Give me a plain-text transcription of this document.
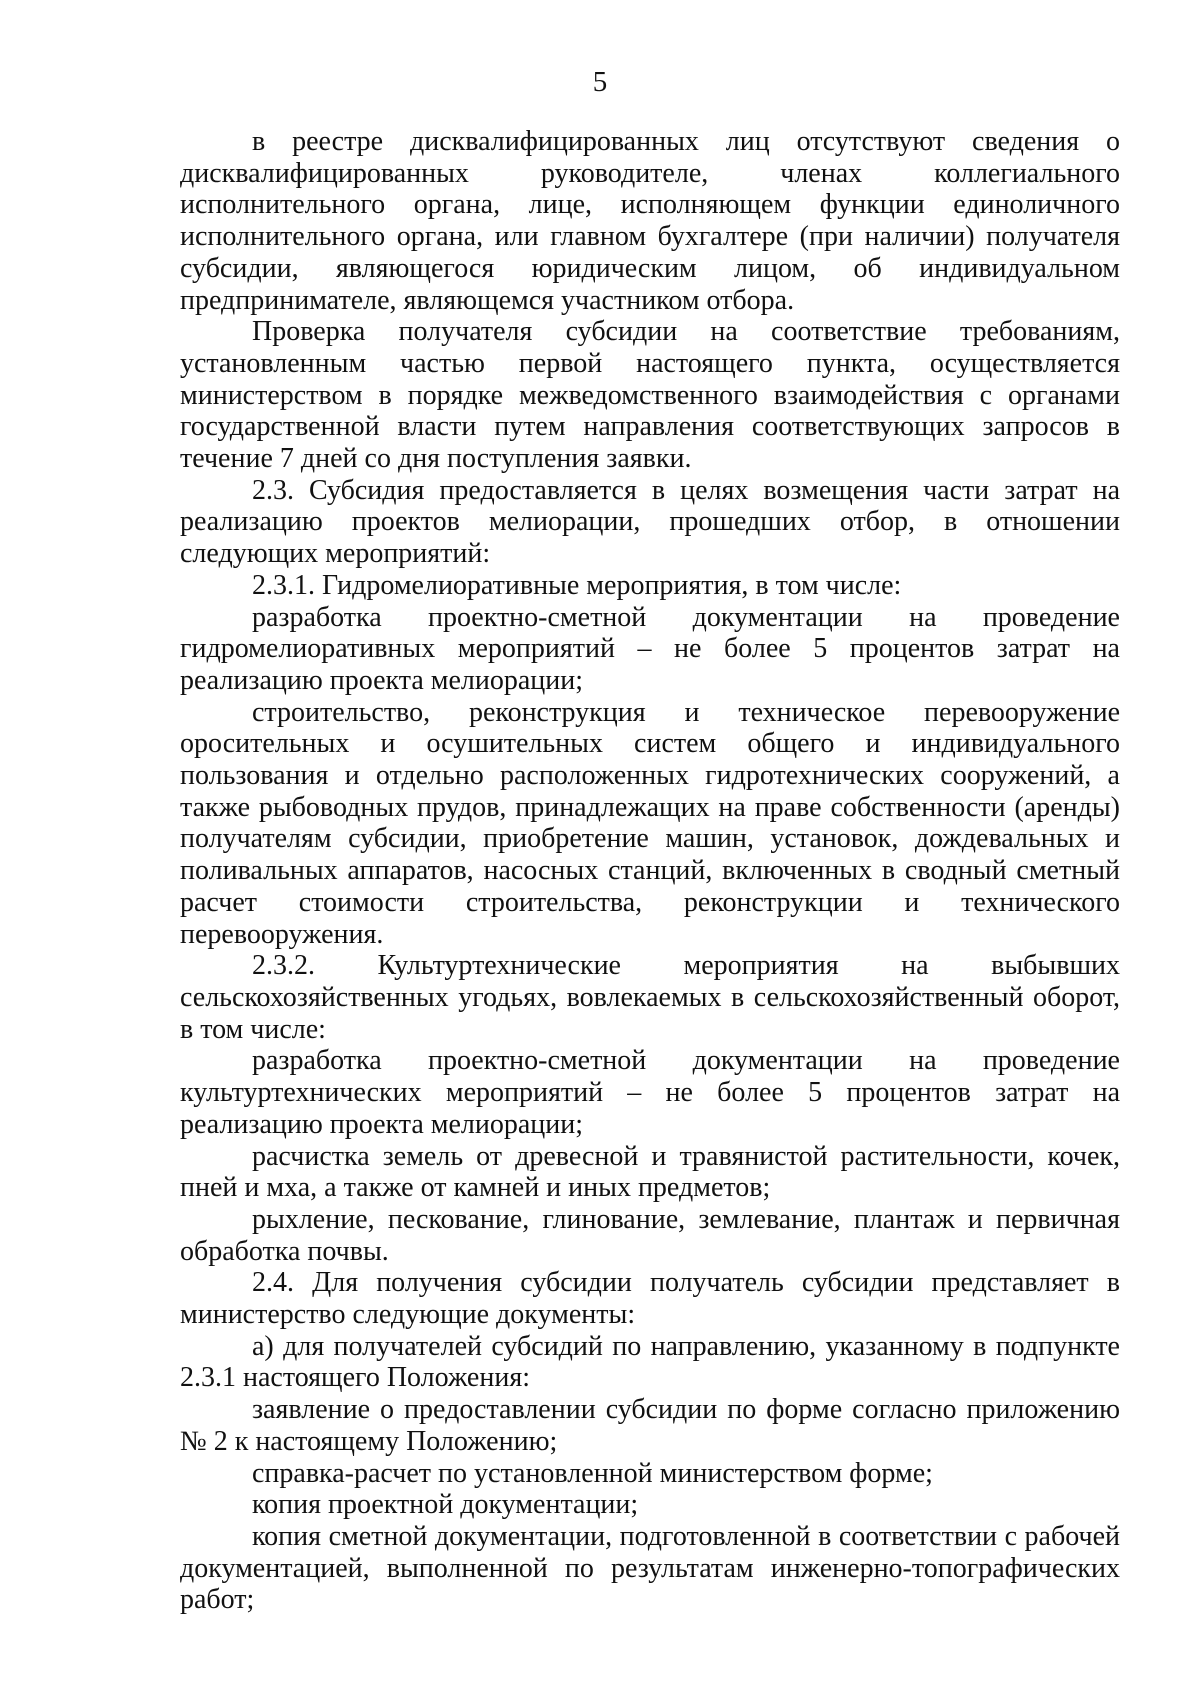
5

в реестре дисквалифицированных лиц отсутствуют сведения о дисквалифицированных руководителе, членах коллегиального исполнительного органа, лице, исполняющем функции единоличного исполнительного органа, или главном бухгалтере (при наличии) получателя субсидии, являющегося юридическим лицом, об индивидуальном предпринимателе, являющемся участником отбора.

Проверка получателя субсидии на соответствие требованиям, установленным частью первой настоящего пункта, осуществляется министерством в порядке межведомственного взаимодействия с органами государственной власти путем направления соответствующих запросов в течение 7 дней со дня поступления заявки.

2.3. Субсидия предоставляется в целях возмещения части затрат на реализацию проектов мелиорации, прошедших отбор, в отношении следующих мероприятий:

2.3.1. Гидромелиоративные мероприятия, в том числе:

разработка проектно-сметной документации на проведение гидромелиоративных мероприятий – не более 5 процентов затрат на реализацию проекта мелиорации;

строительство, реконструкция и техническое перевооружение оросительных и осушительных систем общего и индивидуального пользования и отдельно расположенных гидротехнических сооружений, а также рыбоводных прудов, принадлежащих на праве собственности (аренды) получателям субсидии, приобретение машин, установок, дождевальных и поливальных аппаратов, насосных станций, включенных в сводный сметный расчет стоимости строительства, реконструкции и технического перевооружения.

2.3.2. Культуртехнические мероприятия на выбывших сельскохозяйственных угодьях, вовлекаемых в сельскохозяйственный оборот, в том числе:

разработка проектно-сметной документации на проведение культуртехнических мероприятий – не более 5 процентов затрат на реализацию проекта мелиорации;

расчистка земель от древесной и травянистой растительности, кочек, пней и мха, а также от камней и иных предметов;

рыхление, пескование, глинование, землевание, плантаж и первичная обработка почвы.

2.4. Для получения субсидии получатель субсидии представляет в министерство следующие документы:

а) для получателей субсидий по направлению, указанному в подпункте 2.3.1 настоящего Положения:

заявление о предоставлении субсидии по форме согласно приложению № 2 к настоящему Положению;

справка-расчет по установленной министерством форме;

копия проектной документации;

копия сметной документации, подготовленной в соответствии с рабочей документацией, выполненной по результатам инженерно-топографических работ;
